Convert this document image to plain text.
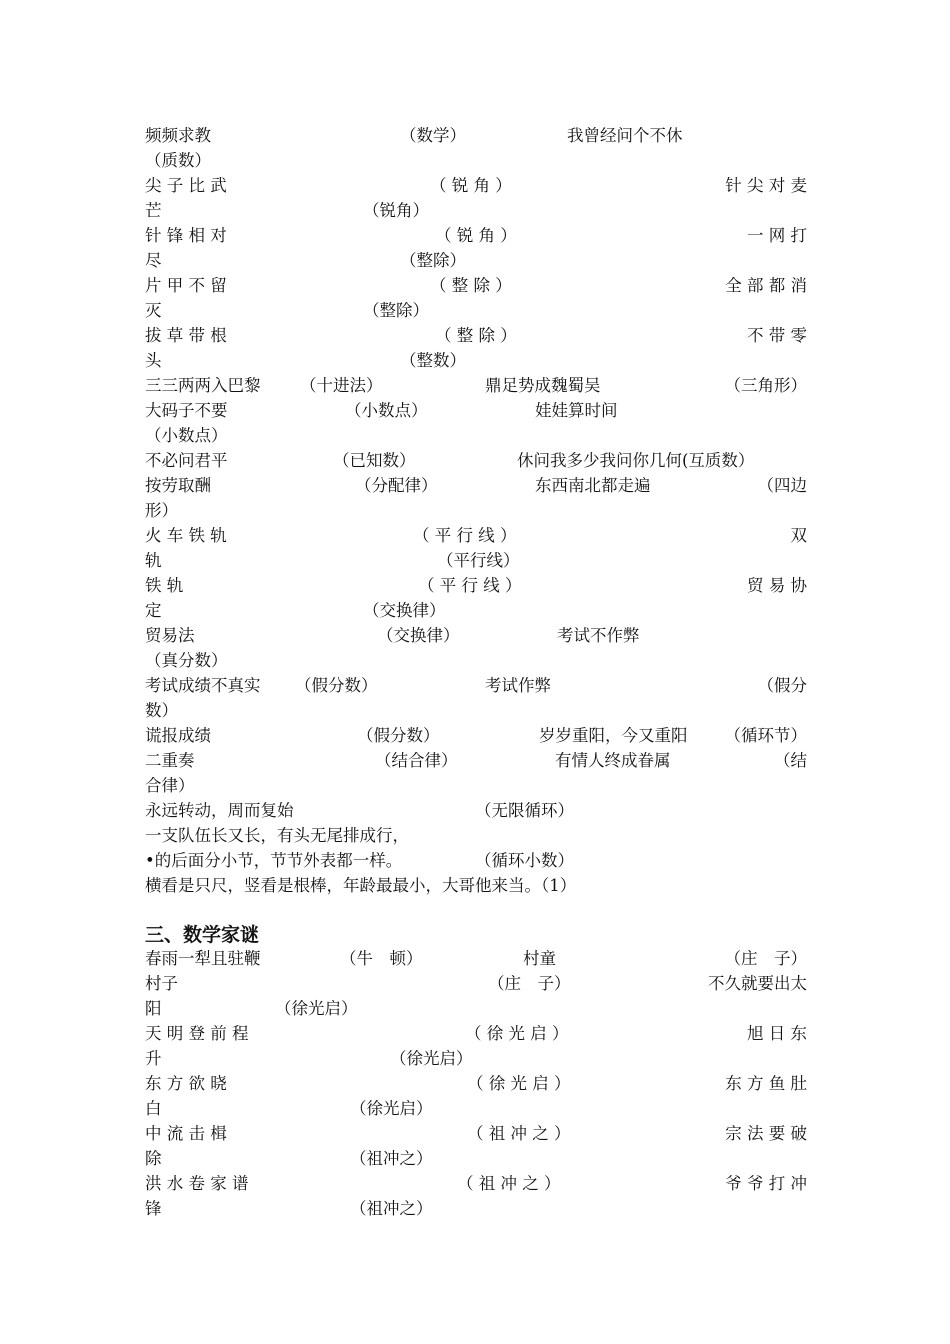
频频求教	（数学）	我曾经问个不休
（质数）
尖 子 比 武	（ 锐 角 ）	针 尖 对 麦
芒	（锐角）
针 锋 相 对	（ 锐 角 ）	一 网 打
尽	（整除）
片 甲 不 留	（ 整 除 ）	全 部 都 消
灭	（整除）
拔 草 带 根	（ 整 除 ）	不 带 零
头	（整数）
三三两两入巴黎 （十进法）	鼎足势成魏蜀吴	（三角形）
大码子不要	（小数点）	娃娃算时间
（小数点）
不必问君平	（已知数）	休问我多少我问你几何(互质数）
按劳取酬	（分配律）	东西南北都走遍	（四边
形）
火 车 铁 轨	（ 平 行 线 ）	双
轨	（平行线）
铁 轨	（ 平 行 线 ）	贸 易 协
定	（交换律）
贸易法	（交换律）	考试不作弊
（真分数）
考试成绩不真实 （假分数）	考试作弊	（假分
数）
谎报成绩	（假分数）	岁岁重阳，今又重阳 （循环节）
二重奏	（结合律）	有情人终成眷属	（结
合律）
永远转动，周而复始	（无限循环）
一支队伍长又长，有头无尾排成行，
•的后面分小节，节节外表都一样。	（循环小数）
横看是只尺，竖看是根棒，年龄最最小，大哥他来当。（1）
三、数学家谜
春雨一犁且驻鞭	（牛　顿）	村童	（庄　子）
村子	（庄　子）	不久就要出太
阳	（徐光启）
天 明 登 前 程	（ 徐 光 启 ）	旭 日 东
升	（徐光启）
东 方 欲 晓	（ 徐 光 启 ）	东 方 鱼 肚
白	（徐光启）
中 流 击 楫	（ 祖 冲 之 ）	宗 法 要 破
除	（祖冲之）
洪 水 卷 家 谱	（ 祖 冲 之 ）	爷 爷 打 冲
锋	（祖冲之）
